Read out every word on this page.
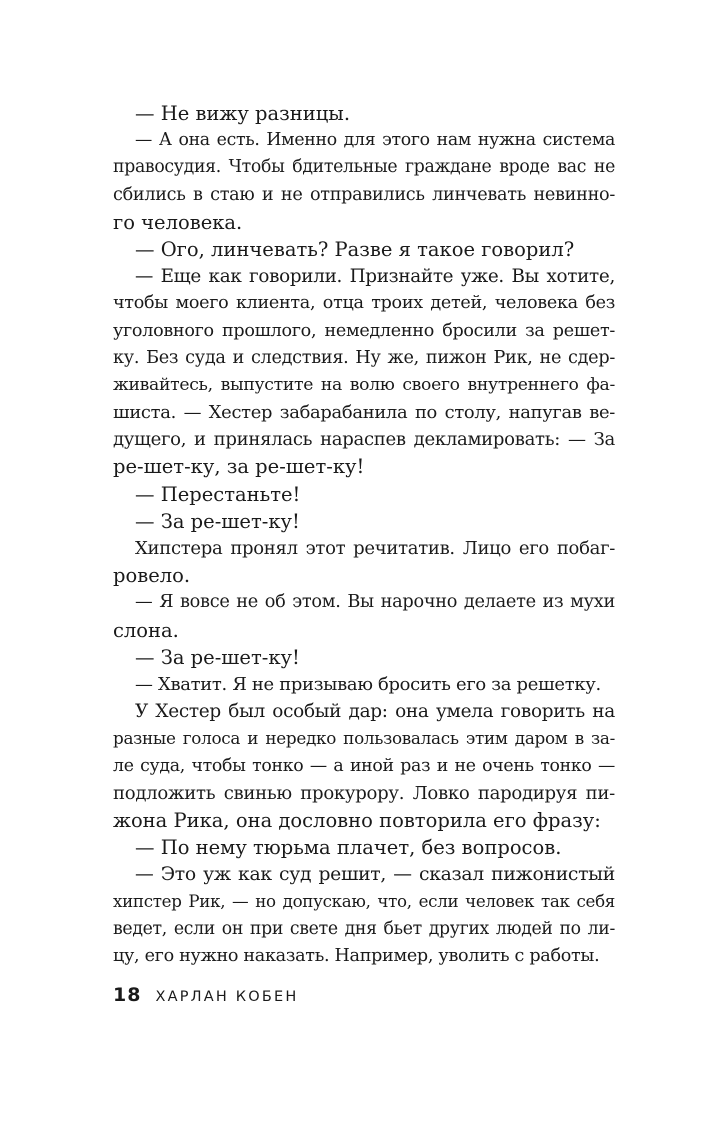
— Не вижу разницы.
— А она есть. Именно для этого нам нужна система
правосудия. Чтобы бдительные граждане вроде вас не
сбились в стаю и не отправились линчевать невинно-
го человека.
— Ого, линчевать? Разве я такое говорил?
— Еще как говорили. Признайте уже. Вы хотите,
чтобы моего клиента, отца троих детей, человека без
уголовного прошлого, немедленно бросили за решет-
ку. Без суда и следствия. Ну же, пижон Рик, не сдер-
живайтесь, выпустите на волю своего внутреннего фа-
шиста. — Хестер забарабанила по столу, напугав ве-
дущего, и принялась нараспев декламировать: — За
ре-шет-ку, за ре-шет-ку!
— Перестаньте!
— За ре-шет-ку!
Хипстера пронял этот речитатив. Лицо его побаг-
ровело.
— Я вовсе не об этом. Вы нарочно делаете из мухи
слона.
— За ре-шет-ку!
— Хватит. Я не призываю бросить его за решетку.
У Хестер был особый дар: она умела говорить на
разные голоса и нередко пользовалась этим даром в за-
ле суда, чтобы тонко — а иной раз и не очень тонко —
подложить свинью прокурору. Ловко пародируя пи-
жона Рика, она дословно повторила его фразу:
— По нему тюрьма плачет, без вопросов.
— Это уж как суд решит, — сказал пижонистый
хипстер Рик, — но допускаю, что, если человек так себя
ведет, если он при свете дня бьет других людей по ли-
цу, его нужно наказать. Например, уволить с работы.
18 ХАРЛАН КОБЕН
